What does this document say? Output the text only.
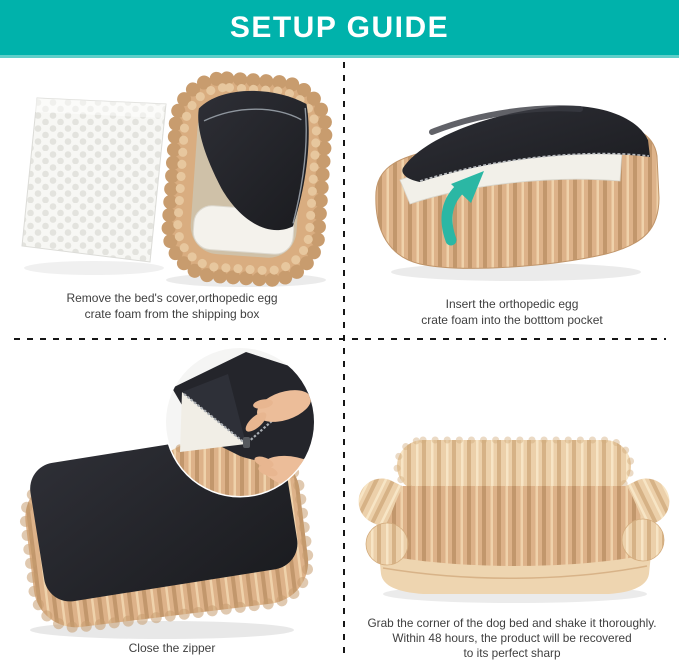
SETUP GUIDE
Remove the bed's cover,orthopedic egg
crate foam from the shipping box
Insert the orthopedic egg
crate foam into the botttom pocket
Close the zipper
Grab the corner of the dog bed and shake it thoroughly.
Within 48 hours, the product will be recovered
to its perfect sharp
